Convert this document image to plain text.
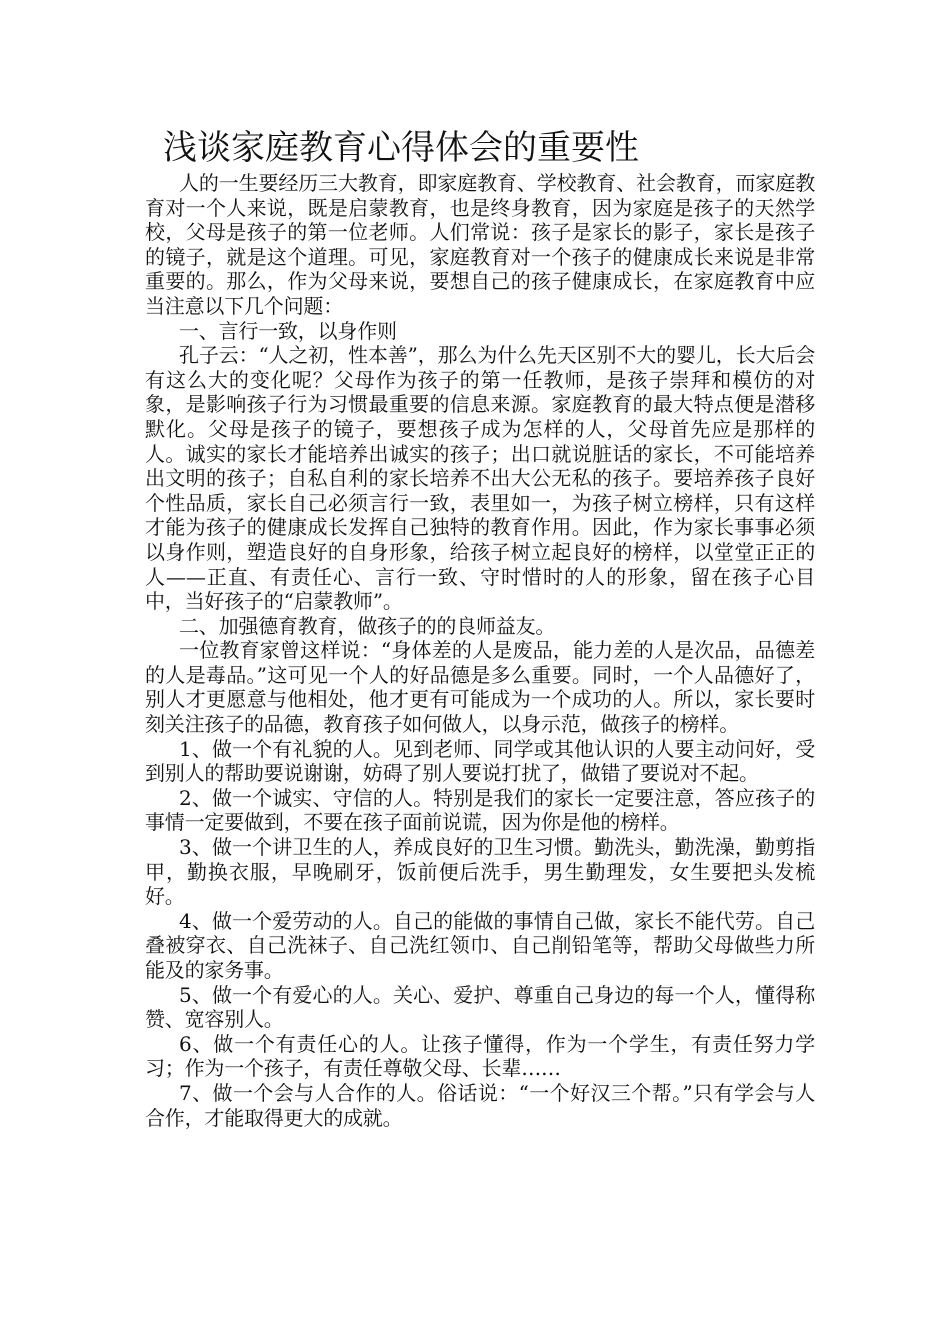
浅谈家庭教育心得体会的重要性

人的一生要经历三大教育，即家庭教育、学校教育、社会教育，而家庭教育对一个人来说，既是启蒙教育，也是终身教育，因为家庭是孩子的天然学校，父母是孩子的第一位老师。人们常说：孩子是家长的影子，家长是孩子的镜子，就是这个道理。可见，家庭教育对一个孩子的健康成长来说是非常重要的。那么，作为父母来说，要想自己的孩子健康成长，在家庭教育中应当注意以下几个问题：

一、言行一致，以身作则

孔子云：“人之初，性本善”，那么为什么先天区别不大的婴儿，长大后会有这么大的变化呢？父母作为孩子的第一任教师，是孩子崇拜和模仿的对象，是影响孩子行为习惯最重要的信息来源。家庭教育的最大特点便是潜移默化。父母是孩子的镜子，要想孩子成为怎样的人，父母首先应是那样的人。诚实的家长才能培养出诚实的孩子；出口就说脏话的家长，不可能培养出文明的孩子；自私自利的家长培养不出大公无私的孩子。要培养孩子良好个性品质，家长自己必须言行一致，表里如一，为孩子树立榜样，只有这样才能为孩子的健康成长发挥自己独特的教育作用。因此，作为家长事事必须以身作则，塑造良好的自身形象，给孩子树立起良好的榜样，以堂堂正正的人——正直、有责任心、言行一致、守时惜时的人的形象，留在孩子心目中，当好孩子的“启蒙教师”。

二、加强德育教育，做孩子的的良师益友。

一位教育家曾这样说：“身体差的人是废品，能力差的人是次品，品德差的人是毒品。”这可见一个人的好品德是多么重要。同时，一个人品德好了，别人才更愿意与他相处，他才更有可能成为一个成功的人。所以，家长要时刻关注孩子的品德，教育孩子如何做人，以身示范，做孩子的榜样。

1、做一个有礼貌的人。见到老师、同学或其他认识的人要主动问好，受到别人的帮助要说谢谢，妨碍了别人要说打扰了，做错了要说对不起。

2、做一个诚实、守信的人。特别是我们的家长一定要注意，答应孩子的事情一定要做到，不要在孩子面前说谎，因为你是他的榜样。

3、做一个讲卫生的人，养成良好的卫生习惯。勤洗头，勤洗澡，勤剪指甲，勤换衣服，早晚刷牙，饭前便后洗手，男生勤理发，女生要把头发梳好。

4、做一个爱劳动的人。自己的能做的事情自己做，家长不能代劳。自己叠被穿衣、自己洗袜子、自己洗红领巾、自己削铅笔等，帮助父母做些力所能及的家务事。

5、做一个有爱心的人。关心、爱护、尊重自己身边的每一个人，懂得称赞、宽容别人。

6、做一个有责任心的人。让孩子懂得，作为一个学生，有责任努力学习；作为一个孩子，有责任尊敬父母、长辈……

7、做一个会与人合作的人。俗话说：“一个好汉三个帮。”只有学会与人合作，才能取得更大的成就。
